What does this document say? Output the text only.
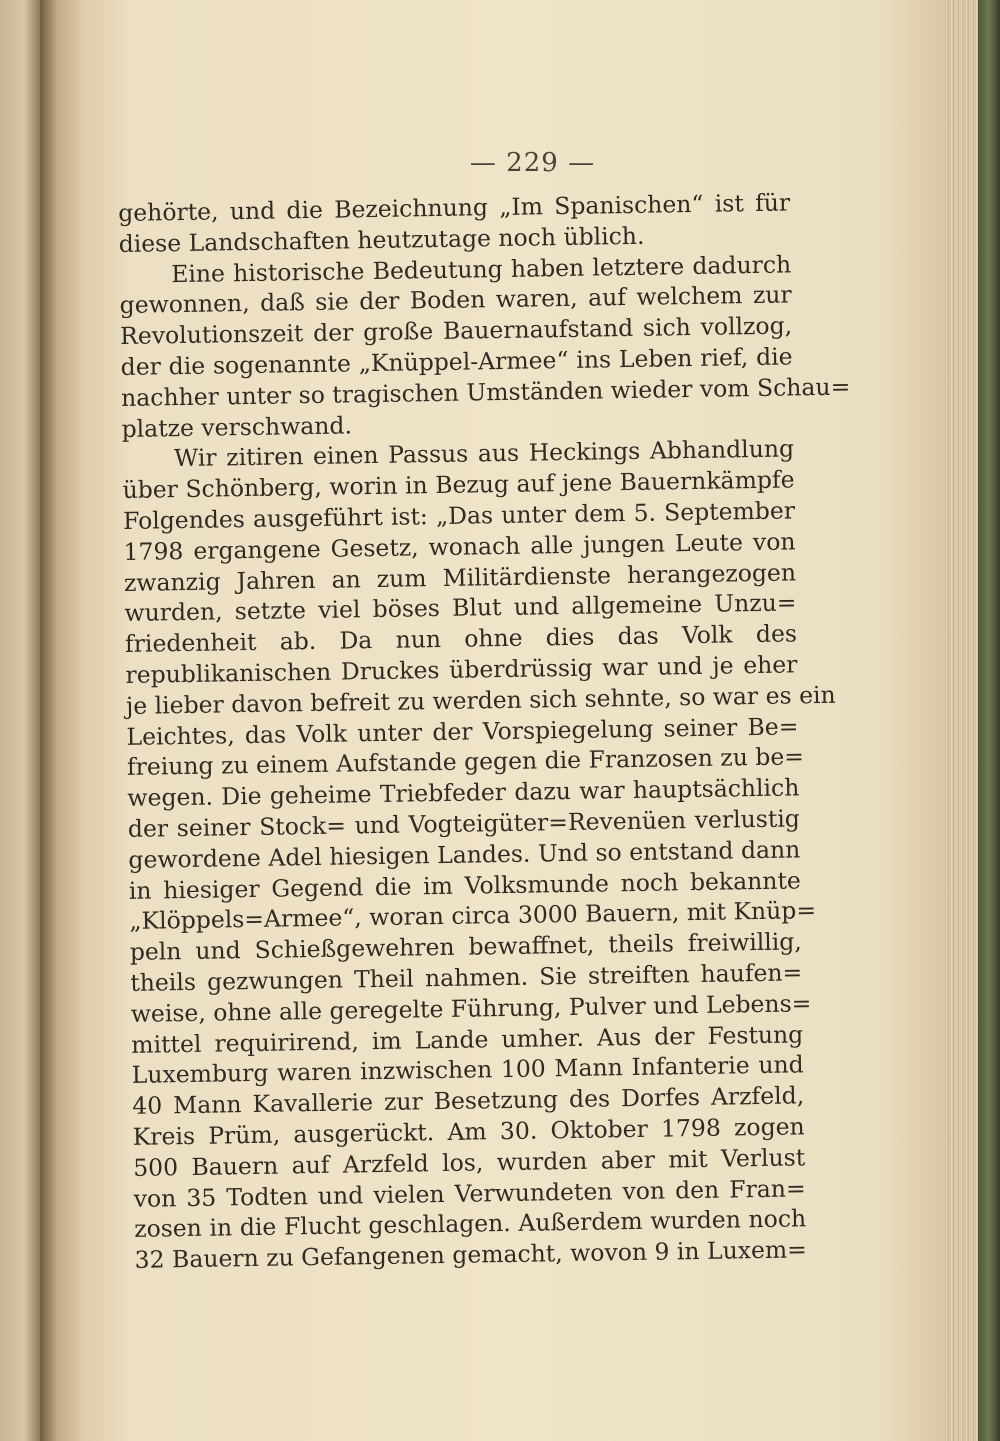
— 229 —
gehörte, und die Bezeichnung „Im Spanischen“ ist für
diese Landschaften heutzutage noch üblich.
Eine historische Bedeutung haben letztere dadurch
gewonnen, daß sie der Boden waren, auf welchem zur
Revolutionszeit der große Bauernaufstand sich vollzog,
der die sogenannte „Knüppel-Armee“ ins Leben rief, die
nachher unter so tragischen Umständen wieder vom Schau=
platze verschwand.
Wir zitiren einen Passus aus Heckings Abhandlung
über Schönberg, worin in Bezug auf jene Bauernkämpfe
Folgendes ausgeführt ist: „Das unter dem 5. September
1798 ergangene Gesetz, wonach alle jungen Leute von
zwanzig Jahren an zum Militärdienste herangezogen
wurden, setzte viel böses Blut und allgemeine Unzu=
friedenheit ab. Da nun ohne dies das Volk des
republikanischen Druckes überdrüssig war und je eher
je lieber davon befreit zu werden sich sehnte, so war es ein
Leichtes, das Volk unter der Vorspiegelung seiner Be=
freiung zu einem Aufstande gegen die Franzosen zu be=
wegen. Die geheime Triebfeder dazu war hauptsächlich
der seiner Stock= und Vogteigüter=Revenüen verlustig
gewordene Adel hiesigen Landes. Und so entstand dann
in hiesiger Gegend die im Volksmunde noch bekannte
„Klöppels=Armee“, woran circa 3000 Bauern, mit Knüp=
peln und Schießgewehren bewaffnet, theils freiwillig,
theils gezwungen Theil nahmen. Sie streiften haufen=
weise, ohne alle geregelte Führung, Pulver und Lebens=
mittel requirirend, im Lande umher. Aus der Festung
Luxemburg waren inzwischen 100 Mann Infanterie und
40 Mann Kavallerie zur Besetzung des Dorfes Arzfeld,
Kreis Prüm, ausgerückt. Am 30. Oktober 1798 zogen
500 Bauern auf Arzfeld los, wurden aber mit Verlust
von 35 Todten und vielen Verwundeten von den Fran=
zosen in die Flucht geschlagen. Außerdem wurden noch
32 Bauern zu Gefangenen gemacht, wovon 9 in Luxem=
